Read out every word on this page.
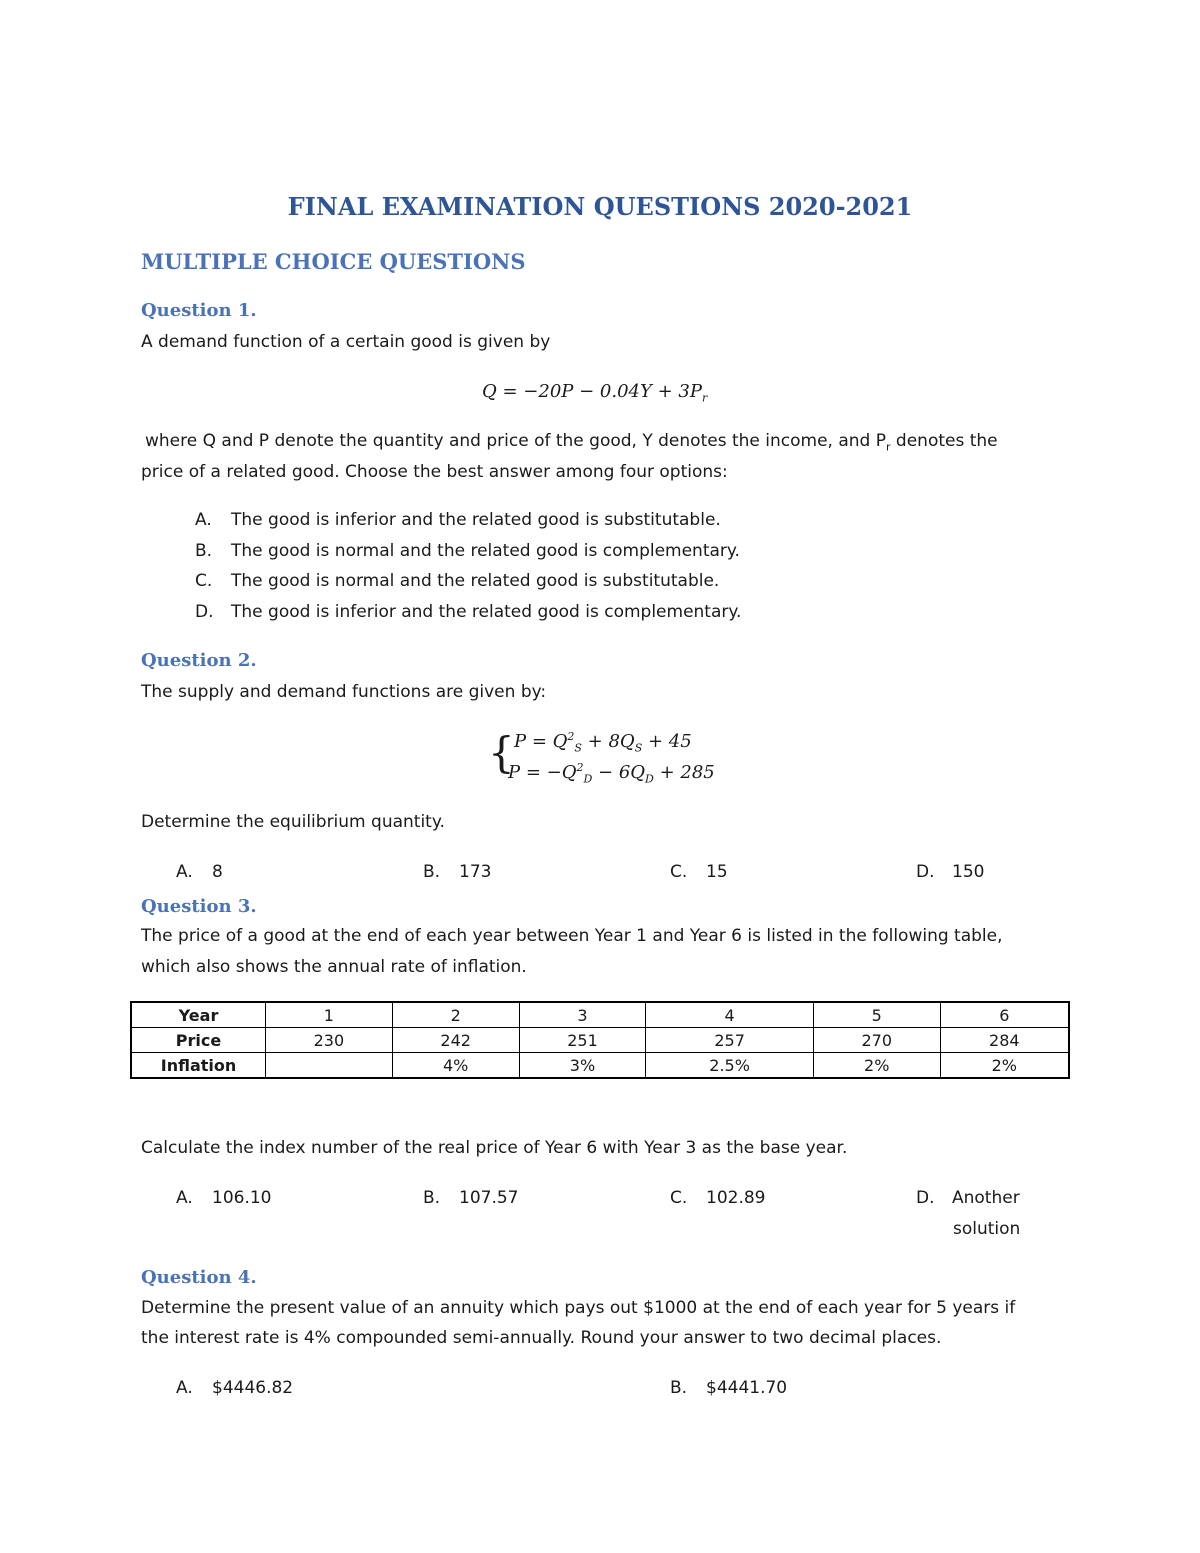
FINAL EXAMINATION QUESTIONS 2020-2021
MULTIPLE CHOICE QUESTIONS
Question 1.
A demand function of a certain good is given by
$Q = -20P - 0.04Y + 3P_r$
where Q and P denote the quantity and price of the good, Y denotes the income, and $P_r$ denotes the
price of a related good. Choose the best answer among four options:
A. The good is inferior and the related good is substitutable.
B. The good is normal and the related good is complementary.
C. The good is normal and the related good is substitutable.
D. The good is inferior and the related good is complementary.
Question 2.
The supply and demand functions are given by:
{ $P = Q^2_S + 8Q_S + 45$
$P = -Q^2_D - 6Q_D + 285$
Determine the equilibrium quantity.
A. 8	B. 173	C. 15	D. 150
Question 3.
The price of a good at the end of each year between Year 1 and Year 6 is listed in the following table,
which also shows the annual rate of inflation.
Year	1	2	3	4	5	6
Price	230	242	251	257	270	284
Inflation		4%	3%	2.5%	2%	2%
Calculate the index number of the real price of Year 6 with Year 3 as the base year.
A. 106.10	B. 107.57	C. 102.89	D. Another
solution
Question 4.
Determine the present value of an annuity which pays out $1000 at the end of each year for 5 years if
the interest rate is 4% compounded semi-annually. Round your answer to two decimal places.
A. $4446.82	B. $4441.70
